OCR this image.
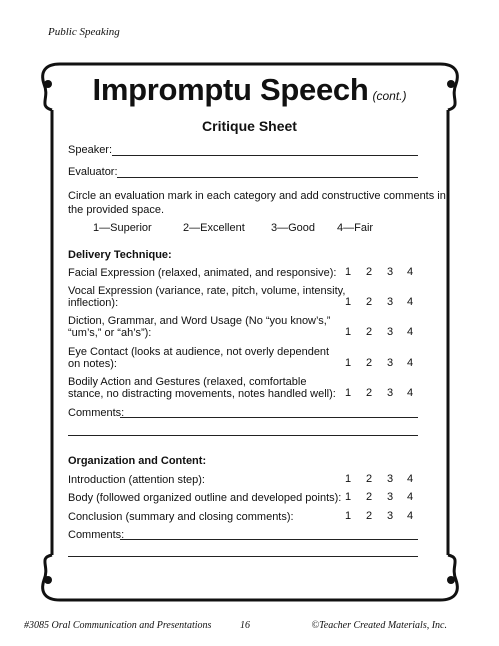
Public Speaking
Impromptu Speech (cont.)
Critique Sheet
Speaker:
Evaluator:
Circle an evaluation mark in each category and add constructive comments in
the provided space.
1—Superior	2—Excellent 3—Good 4—Fair
Delivery Technique:
Facial Expression (relaxed, animated, and responsive): 1 2 3 4
Vocal Expression (variance, rate, pitch, volume, intensity,
inflection):	1 2 3 4
Diction, Grammar, and Word Usage (No “you know’s,”
“um’s,” or “ah’s”):	1 2 3 4
Eye Contact (looks at audience, not overly dependent
on notes):	1 2 3 4
Bodily Action and Gestures (relaxed, comfortable
stance, no distracting movements, notes handled well): 1 2 3 4
Comments:
Organization and Content:
Introduction (attention step):	1 2 3 4
Body (followed organized outline and developed points): 1 2 3 4
Conclusion (summary and closing comments):	1 2 3 4
Comments:
#3085 Oral Communication and Presentations	16	©Teacher Created Materials, Inc.
